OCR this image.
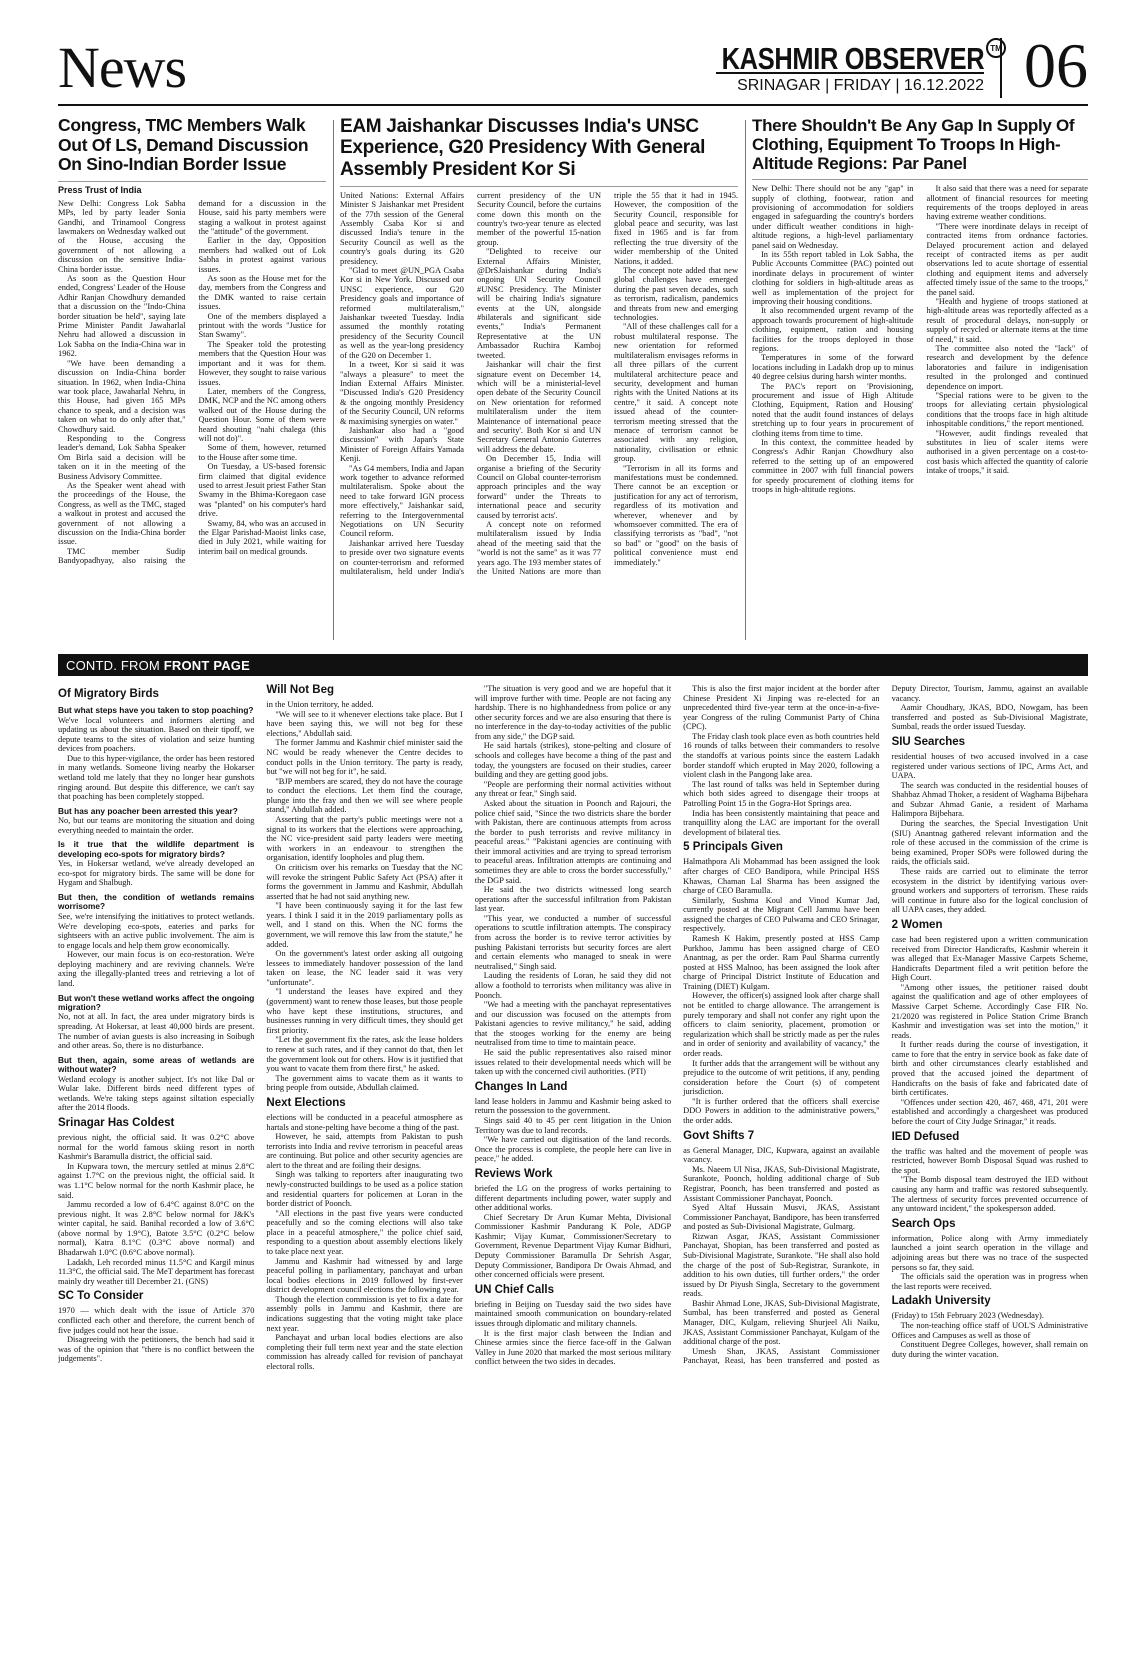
News	KASHMIR OBSERVER TM
SRINAGAR | FRIDAY | 16.12.2022 06
Congress, TMC Members Walk Out Of LS, Demand Discussion On Sino-Indian Border Issue
Press Trust of India

New Delhi: Congress Lok Sabha MPs, led by party leader Sonia Gandhi, and Trinamool Congress lawmakers on Wednesday walked out of the House, accusing the government of not allowing a discussion on the sensitive India-China border issue.

As soon as the Question Hour ended, Congress' Leader of the House Adhir Ranjan Chowdhury demanded that a discussion on the "Indo-China border situation be held", saying late Prime Minister Pandit Jawaharlal Nehru had allowed a discussion in Lok Sabha on the India-China war in 1962.

"We have been demanding a discussion on India-China border situation. In 1962, when India-China war took place, Jawaharlal Nehru, in this House, had given 165 MPs chance to speak, and a decision was taken on what to do only after that," Chowdhury said.

Responding to the Congress leader's demand, Lok Sabha Speaker Om Birla said a decision will be taken on it in the meeting of the Business Advisory Committee.

As the Speaker went ahead with the proceedings of the House, the Congress, as well as the TMC, staged a walkout in protest and accused the government of not allowing a discussion on the India-China border issue.

TMC member Sudip Bandyopadhyay, also raising the demand for a discussion in the House, said his party members were staging a walkout in protest against the "attitude" of the government.

Earlier in the day, Opposition members had walked out of Lok Sabha in protest against various issues.

As soon as the House met for the day, members from the Congress and the DMK wanted to raise certain issues.

One of the members displayed a printout with the words "Justice for Stan Swamy".

The Speaker told the protesting members that the Question Hour was important and it was for them. However, they sought to raise various issues.

Later, members of the Congress, DMK, NCP and the NC among others walked out of the House during the Question Hour. Some of them were heard shouting "nahi chalega (this will not do)".

Some of them, however, returned to the House after some time.

On Tuesday, a US-based forensic firm claimed that digital evidence used to arrest Jesuit priest Father Stan Swamy in the Bhima-Koregaon case was "planted" on his computer's hard drive.

Swamy, 84, who was an accused in the Elgar Parishad-Maoist links case, died in July 2021, while waiting for interim bail on medical grounds.

EAM Jaishankar Discusses India's UNSC Experience, G20 Presidency With General Assembly President Kor Si

United Nations: External Affairs Minister S Jaishankar met President of the 77th session of the General Assembly Csaba Kor si and discussed India's tenure in the Security Council as well as the country's goals during its G20 presidency.

"Glad to meet @UN_PGA Csaba Kor si in New York. Discussed our UNSC experience, our G20 Presidency goals and importance of reformed multilateralism," Jaishankar tweeted Tuesday. India assumed the monthly rotating presidency of the Security Council as well as the year-long presidency of the G20 on December 1.

In a tweet, Kor si said it was "always a pleasure" to meet the Indian External Affairs Minister. "Discussed India's G20 Presidency & the ongoing monthly Presidency of the Security Council, UN reforms & maximising synergies on water."

Jaishankar also had a "good discussion" with Japan's State Minister of Foreign Affairs Yamada Kenji.

"As G4 members, India and Japan work together to advance reformed multilateralism. Spoke about the need to take forward IGN process more effectively," Jaishankar said, referring to the Intergovernmental Negotiations on UN Security Council reform.

Jaishankar arrived here Tuesday to preside over two signature events on counter-terrorism and reformed multilateralism, held under India's current presidency of the UN Security Council, before the curtains come down this month on the country's two-year tenure as elected member of the powerful 15-nation group.

"Delighted to receive our External Affairs Minister, @DrSJaishankar during India's ongoing UN Security Council #UNSC Presidency. The Minister will be chairing India's signature events at the UN, alongside #bilaterals and significant side events," India's Permanent Representative at the UN Ambassador Ruchira Kamboj tweeted.

Jaishankar will chair the first signature event on December 14, which will be a ministerial-level open debate of the Security Council on New orientation for reformed multilateralism under the item Maintenance of international peace and security'. Both Kor si and UN Secretary General Antonio Guterres will address the debate.

On December 15, India will organise a briefing of the Security Council on Global counter-terrorism approach principles and the way forward" under the Threats to international peace and security caused by terrorist acts'.

A concept note on reformed multilateralism issued by India ahead of the meeting said that the "world is not the same" as it was 77 years ago. The 193 member states of the United Nations are more than triple the 55 that it had in 1945. However, the composition of the Security Council, responsible for global peace and security, was last fixed in 1965 and is far from reflecting the true diversity of the wider membership of the United Nations, it added.

The concept note added that new global challenges have emerged during the past seven decades, such as terrorism, radicalism, pandemics and threats from new and emerging technologies.

"All of these challenges call for a robust multilateral response. The new orientation for reformed multilateralism envisages reforms in all three pillars of the current multilateral architecture peace and security, development and human rights with the United Nations at its centre," it said. A concept note issued ahead of the counter-terrorism meeting stressed that the menace of terrorism cannot be associated with any religion, nationality, civilisation or ethnic group.

"Terrorism in all its forms and manifestations must be condemned. There cannot be an exception or justification for any act of terrorism, regardless of its motivation and wherever, whenever and by whomsoever committed. The era of classifying terrorists as "bad", "not so bad" or "good" on the basis of political convenience must end immediately."

There Shouldn't Be Any Gap In Supply Of Clothing, Equipment To Troops In High-Altitude Regions: Par Panel

New Delhi: There should not be any "gap" in supply of clothing, footwear, ration and provisioning of accommodation for soldiers engaged in safeguarding the country's borders under difficult weather conditions in high-altitude regions, a high-level parliamentary panel said on Wednesday.

In its 55th report tabled in Lok Sabha, the Public Accounts Committee (PAC) pointed out inordinate delays in procurement of winter clothing for soldiers in high-altitude areas as well as implementation of the project for improving their housing conditions.

It also recommended urgent revamp of the approach towards procurement of high-altitude clothing, equipment, ration and housing facilities for the troops deployed in those regions.

Temperatures in some of the forward locations including in Ladakh drop up to minus 40 degree celsius during harsh winter months.

The PAC's report on 'Provisioning, procurement and issue of High Altitude Clothing, Equipment, Ration and Housing' noted that the audit found instances of delays stretching up to four years in procurement of clothing items from time to time.

In this context, the committee headed by Congress's Adhir Ranjan Chowdhury also referred to the setting up of an empowered committee in 2007 with full financial powers for speedy procurement of clothing items for troops in high-altitude regions.

It also said that there was a need for separate allotment of financial resources for meeting requirements of the troops deployed in areas having extreme weather conditions.

"There were inordinate delays in receipt of contracted items from ordnance factories. Delayed procurement action and delayed receipt of contracted items as per audit observations led to acute shortage of essential clothing and equipment items and adversely affected timely issue of the same to the troops," the panel said.

"Health and hygiene of troops stationed at high-altitude areas was reportedly affected as a result of procedural delays, non-supply or supply of recycled or alternate items at the time of need," it said.

The committee also noted the "lack" of research and development by the defence laboratories and failure in indigenisation resulted in the prolonged and continued dependence on import.

"Special rations were to be given to the troops for alleviating certain physiological conditions that the troops face in high altitude inhospitable conditions," the report mentioned.

"However, audit findings revealed that substitutes in lieu of scaler items were authorised in a given percentage on a cost-to-cost basis which affected the quantity of calorie intake of troops," it said.

CONTD. FROM FRONT PAGE
Of Migratory Birds

But what steps have you taken to stop poaching?

We've local volunteers and informers alerting and updating us about the situation. Based on their tipoff, we depute teams to the sites of violation and seize hunting devices from poachers.

Due to this hyper-vigilance, the order has been restored in many wetlands. Someone living nearby the Hokarser wetland told me lately that they no longer hear gunshots ringing around. But despite this difference, we can't say that poaching has been completely stopped.

But has any poacher been arrested this year?

No, but our teams are monitoring the situation and doing everything needed to maintain the order.

Is it true that the wildlife department is developing eco-spots for migratory birds?

Yes, in Hokersar wetland, we've already developed an eco-spot for migratory birds. The same will be done for Hygam and Shalbugh.

But then, the condition of wetlands remains worrisome?

See, we're intensifying the initiatives to protect wetlands. We're developing eco-spots, eateries and parks for sightseers with an active public involvement. The aim is to engage locals and help them grow economically.

However, our main focus is on eco-restoration. We're deploying machinery and are reviving channels. We're axing the illegally-planted trees and retrieving a lot of land.

But won't these wetland works affect the ongoing migration?

No, not at all. In fact, the area under migratory birds is spreading. At Hokersar, at least 40,000 birds are present. The number of avian guests is also increasing in Soibugh and other areas. So, there is no disturbance.

But then, again, some areas of wetlands are without water?

Wetland ecology is another subject. It's not like Dal or Wular lake. Different birds need different types of wetlands. We're taking steps against siltation especially after the 2014 floods.

Srinagar Has Coldest

previous night, the official said. It was 0.2°C above normal for the world famous skiing resort in north Kashmir's Baramulla district, the official said.

In Kupwara town, the mercury settled at minus 2.8°C against 1.7°C on the previous night, the official said. It was 1.1°C below normal for the north Kashmir place, he said.

Jammu recorded a low of 6.4°C against 8.0°C on the previous night. It was 2.8°C below normal for J&K's winter capital, he said. Banihal recorded a low of 3.6°C (above normal by 1.9°C), Batote 3.5°C (0.2°C below normal), Katra 8.1°C (0.3°C above normal) and Bhadarwah 1.0°C (0.6°C above normal).

Ladakh, Leh recorded minus 11.5°C and Kargil minus 11.3°C, the official said. The MeT department has forecast mainly dry weather till December 21. (GNS)

SC To Consider

1970 — which dealt with the issue of Article 370 conflicted each other and therefore, the current bench of five judges could not hear the issue.

Disagreeing with the petitioners, the bench had said it was of the opinion that "there is no conflict between the judgements".

Will Not Beg

in the Union territory, he added.

"We will see to it whenever elections take place. But I have been saying this, we will not beg for these elections," Abdullah said.

The former Jammu and Kashmir chief minister said the NC would be ready whenever the Centre decides to conduct polls in the Union territory. The party is ready, but "we will not beg for it", he said.

"BJP members are scared, they do not have the courage to conduct the elections. Let them find the courage, plunge into the fray and then we will see where people stand," Abdullah added.

Asserting that the party's public meetings were not a signal to its workers that the elections were approaching, the NC vice-president said party leaders were meeting with workers in an endeavour to strengthen the organisation, identify loopholes and plug them.

On criticism over his remarks on Tuesday that the NC will revoke the stringent Public Safety Act (PSA) after it forms the government in Jammu and Kashmir, Abdullah asserted that he had not said anything new.

"I have been continuously saying it for the last few years. I think I said it in the 2019 parliamentary polls as well, and I stand on this. When the NC forms the government, we will remove this law from the statute," he added.

On the government's latest order asking all outgoing lessees to immediately handover possession of the land taken on lease, the NC leader said it was very "unfortunate".

"I understand the leases have expired and they (government) want to renew those leases, but those people who have kept these institutions, structures, and businesses running in very difficult times, they should get first priority.

"Let the government fix the rates, ask the lease holders to renew at such rates, and if they cannot do that, then let the government look out for others. How is it justified that you want to vacate them from there first," he asked.

The government aims to vacate them as it wants to bring people from outside, Abdullah claimed.

Next Elections

elections will be conducted in a peaceful atmosphere as hartals and stone-pelting have become a thing of the past.

However, he said, attempts from Pakistan to push terrorists into India and revive terrorism in peaceful areas are continuing. But police and other security agencies are alert to the threat and are foiling their designs.

Singh was talking to reporters after inaugurating two newly-constructed buildings to be used as a police station and residential quarters for policemen at Loran in the border district of Poonch.

"All elections in the past five years were conducted peacefully and so the coming elections will also take place in a peaceful atmosphere," the police chief said, responding to a question about assembly elections likely to take place next year.

Jammu and Kashmir had witnessed by and large peaceful polling in parliamentary, panchayat and urban local bodies elections in 2019 followed by first-ever district development council elections the following year.

Though the election commission is yet to fix a date for assembly polls in Jammu and Kashmir, there are indications suggesting that the voting might take place next year.

Panchayat and urban local bodies elections are also completing their full term next year and the state election commission has already called for revision of panchayat electoral rolls.

"The situation is very good and we are hopeful that it will improve further with time. People are not facing any hardship. There is no highhandedness from police or any other security forces and we are also ensuring that there is no interference in the day-to-today activities of the public from any side," the DGP said.

He said hartals (strikes), stone-pelting and closure of schools and colleges have become a thing of the past and today, the youngsters are focused on their studies, career building and they are getting good jobs.

"People are performing their normal activities without any threat or fear," Singh said.

Asked about the situation in Poonch and Rajouri, the police chief said, "Since the two districts share the border with Pakistan, there are continuous attempts from across the border to push terrorists and revive militancy in peaceful areas." "Pakistani agencies are continuing with their immoral activities and are trying to spread terrorism to peaceful areas. Infiltration attempts are continuing and sometimes they are able to cross the border successfully," the DGP said.

He said the two districts witnessed long search operations after the successful infiltration from Pakistan last year.

"This year, we conducted a number of successful operations to scuttle infiltration attempts. The conspiracy from across the border is to revive terror activities by pushing Pakistani terrorists but security forces are alert and certain elements who managed to sneak in were neutralised," Singh said.

Lauding the residents of Loran, he said they did not allow a foothold to terrorists when militancy was alive in Poonch.

"We had a meeting with the panchayat representatives and our discussion was focused on the attempts from Pakistani agencies to revive militancy," he said, adding that the stooges working for the enemy are being neutralised from time to time to maintain peace.

He said the public representatives also raised minor issues related to their developmental needs which will be taken up with the concerned civil authorities. (PTI)

Changes In Land

land lease holders in Jammu and Kashmir being asked to return the possession to the government.

Sings said 40 to 45 per cent litigation in the Union Territory was due to land records.

"We have carried out digitisation of the land records. Once the process is complete, the people here can live in peace," he added.

Reviews Work

briefed the LG on the progress of works pertaining to different departments including power, water supply and other additional works.

Chief Secretary Dr Arun Kumar Mehta, Divisional Commissioner Kashmir Pandurang K Pole, ADGP Kashmir; Vijay Kumar, Commissioner/Secretary to Government, Revenue Department Vijay Kumar Bidhuri, Deputy Commissioner Baramulla Dr Sehrish Asgar, Deputy Commissioner, Bandipora Dr Owais Ahmad, and other concerned officials were present.

UN Chief Calls

briefing in Beijing on Tuesday said the two sides have maintained smooth communication on boundary-related issues through diplomatic and military channels.

It is the first major clash between the Indian and Chinese armies since the fierce face-off in the Galwan Valley in June 2020 that marked the most serious military conflict between the two sides in decades.

This is also the first major incident at the border after Chinese President Xi Jinping was re-elected for an unprecedented third five-year term at the once-in-a-five-year Congress of the ruling Communist Party of China (CPC).

The Friday clash took place even as both countries held 16 rounds of talks between their commanders to resolve the standoffs at various points since the eastern Ladakh border standoff which erupted in May 2020, following a violent clash in the Pangong lake area.

The last round of talks was held in September during which both sides agreed to disengage their troops at Patrolling Point 15 in the Gogra-Hot Springs area.

India has been consistently maintaining that peace and tranquillity along the LAC are important for the overall development of bilateral ties.

5 Principals Given

Halmathpora Ali Mohammad has been assigned the look after charges of CEO Bandipora, while Principal HSS Khawas, Chaman Lal Sharma has been assigned the charge of CEO Baramulla.

Similarly, Sushma Koul and Vinod Kumar Jad, currently posted at the Migrant Cell Jammu have been assigned the charges of CEO Pulwama and CEO Srinagar, respectively.

Ramesh K Hakim, presently posted at HSS Camp Purkhoo, Jammu has been assigned charge of CEO Anantnag, as per the order. Ram Paul Sharma currently posted at HSS Malnoo, has been assigned the look after charge of Principal District Institute of Education and Training (DIET) Kulgam.

However, the officer(s) assigned look after charge shall not be entitled to charge allowance. The arrangement is purely temporary and shall not confer any right upon the officers to claim seniority, placement, promotion or regularization which shall be strictly made as per the rules and in order of seniority and availability of vacancy," the order reads.

It further adds that the arrangement will be without any prejudice to the outcome of writ petitions, if any, pending consideration before the Court (s) of competent jurisdiction.

"It is further ordered that the officers shall exercise DDO Powers in addition to the administrative powers," the order adds.

Govt Shifts 7

as General Manager, DIC, Kupwara, against an available vacancy.

Ms. Naeem Ul Nisa, JKAS, Sub-Divisional Magistrate, Surankote, Poonch, holding additional charge of Sub Registrar, Poonch, has been transferred and posted as Assistant Commissioner Panchayat, Poonch.

Syed Altaf Hussain Musvi, JKAS, Assistant Commissioner Panchayat, Bandipore, has been transferred and posted as Sub-Divisional Magistrate, Gulmarg.

Rizwan Asgar, JKAS, Assistant Commissioner Panchayat, Shopian, has been transferred and posted as Sub-Divisional Magistrate, Surankote. "He shall also hold the charge of the post of Sub-Registrar, Surankote, in addition to his own duties, till further orders," the order issued by Dr Piyush Singla, Secretary to the government reads.

Bashir Ahmad Lone, JKAS, Sub-Divisional Magistrate, Sumbal, has been transferred and posted as General Manager, DIC, Kulgam, relieving Shurjeel Ali Naiku, JKAS, Assistant Commissioner Panchayat, Kulgam of the additional charge of the post.

Umesh Shan, JKAS, Assistant Commissioner Panchayat, Reasi, has been transferred and posted as Deputy Director, Tourism, Jammu, against an available vacancy.

Aamir Choudhary, JKAS, BDO, Nowgam, has been transferred and posted as Sub-Divisional Magistrate, Sumbal, reads the order issued Tuesday.

SIU Searches

residential houses of two accused involved in a case registered under various sections of IPC, Arms Act, and UAPA.

The search was conducted in the residential houses of Shahbaz Ahmad Thoker, a resident of Waghama Bijbehara and Subzar Ahmad Ganie, a resident of Marhama Halimpora Bijbehara.

During the searches, the Special Investigation Unit (SIU) Anantnag gathered relevant information and the role of these accused in the commission of the crime is being examined, Proper SOPs were followed during the raids, the officials said.

These raids are carried out to eliminate the terror ecosystem in the district by identifying various over-ground workers and supporters of terrorism. These raids will continue in future also for the logical conclusion of all UAPA cases, they added.

2 Women

case had been registered upon a written communication received from Director Handicrafts, Kashmir wherein it was alleged that Ex-Manager Massive Carpets Scheme, Handicrafts Department filed a writ petition before the High Court.

"Among other issues, the petitioner raised doubt against the qualification and age of other employees of Massive Carpet Scheme. Accordingly Case FIR No. 21/2020 was registered in Police Station Crime Branch Kashmir and investigation was set into the motion," it reads.

It further reads during the course of investigation, it came to fore that the entry in service book as fake date of birth and other circumstances clearly established and proved that the accused joined the department of Handicrafts on the basis of fake and fabricated date of birth certificates.

"Offences under section 420, 467, 468, 471, 201 were established and accordingly a chargesheet was produced before the court of City Judge Srinagar," it reads.

IED Defused

the traffic was halted and the movement of people was restricted, however Bomb Disposal Squad was rushed to the spot.

"The Bomb disposal team destroyed the IED without causing any harm and traffic was restored subsequently. The alertness of security forces prevented occurrence of any untoward incident," the spokesperson added.

Search Ops

information, Police along with Army immediately launched a joint search operation in the village and adjoining areas but there was no trace of the suspected persons so far, they said.

The officials said the operation was in progress when the last reports were received.

Ladakh University

(Friday) to 15th February 2023 (Wednesday).

The non-teaching office staff of UOL'S Administrative Offices and Campuses as well as those of

Constituent Degree Colleges, however, shall remain on duty during the winter vacation.
